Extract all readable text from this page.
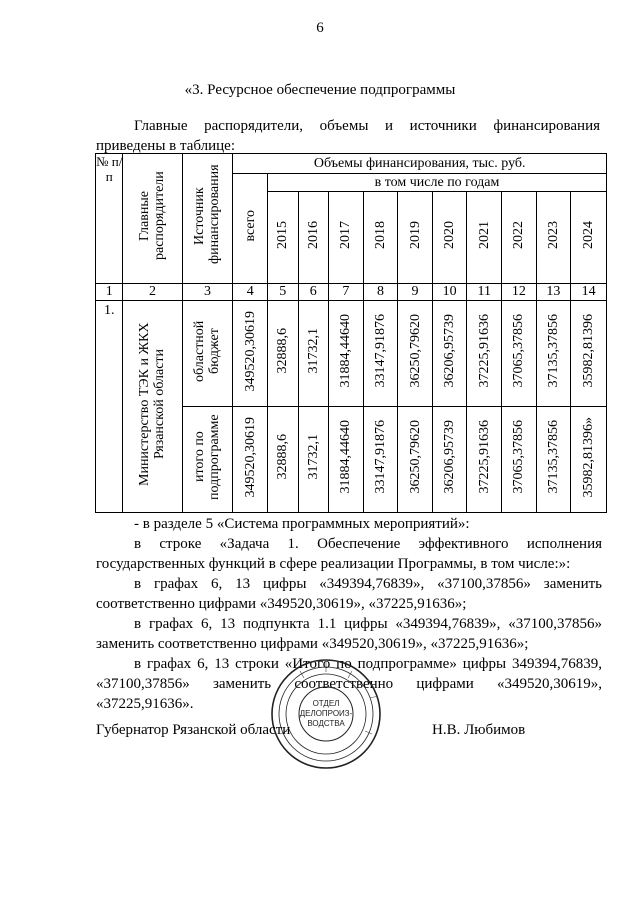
6
«3. Ресурсное обеспечение подпрограммы
Главные распорядители, объемы и источники финансирования
приведены в таблице:
№ п/п	Главные распорядители	Источник финансирования	Объемы финансирования, тыс. руб.										
			всего	в том числе по годам									
				2015	2016	2017	2018	2019	2020	2021	2022	2023	2024
1	2	3	4	5	6	7	8	9	10	11	12	13	14
1.	Министерство ТЭК и ЖКХ Рязанской области	областной бюджет	349520,30619	32888,6	31732,1	31884,44640	33147,91876	36250,79620	36206,95739	37225,91636	37065,37856	37135,37856	35982,81396
		итого по подпрограмме	349520,30619	32888,6	31732,1	31884,44640	33147,91876	36250,79620	36206,95739	37225,91636	37065,37856	37135,37856	35982,81396»
- в разделе 5 «Система программных мероприятий»:
в строке «Задача 1. Обеспечение эффективного исполнения
государственных функций в сфере реализации Программы, в том числе:»:
в графах 6, 13 цифры «349394,76839», «37100,37856» заменить
соответственно цифрами «349520,30619», «37225,91636»;
в графах 6, 13 подпункта 1.1 цифры «349394,76839», «37100,37856»
заменить соответственно цифрами «349520,30619», «37225,91636»;
в графах 6, 13 строки «Итого по подпрограмме» цифры 349394,76839,
«37100,37856» заменить соответственно цифрами «349520,30619»,
«37225,91636».	ОТДЕЛ
ДЕЛОПРОИЗ-
ВОДСТВА
Губернатор Рязанской области	Н.В. Любимов
